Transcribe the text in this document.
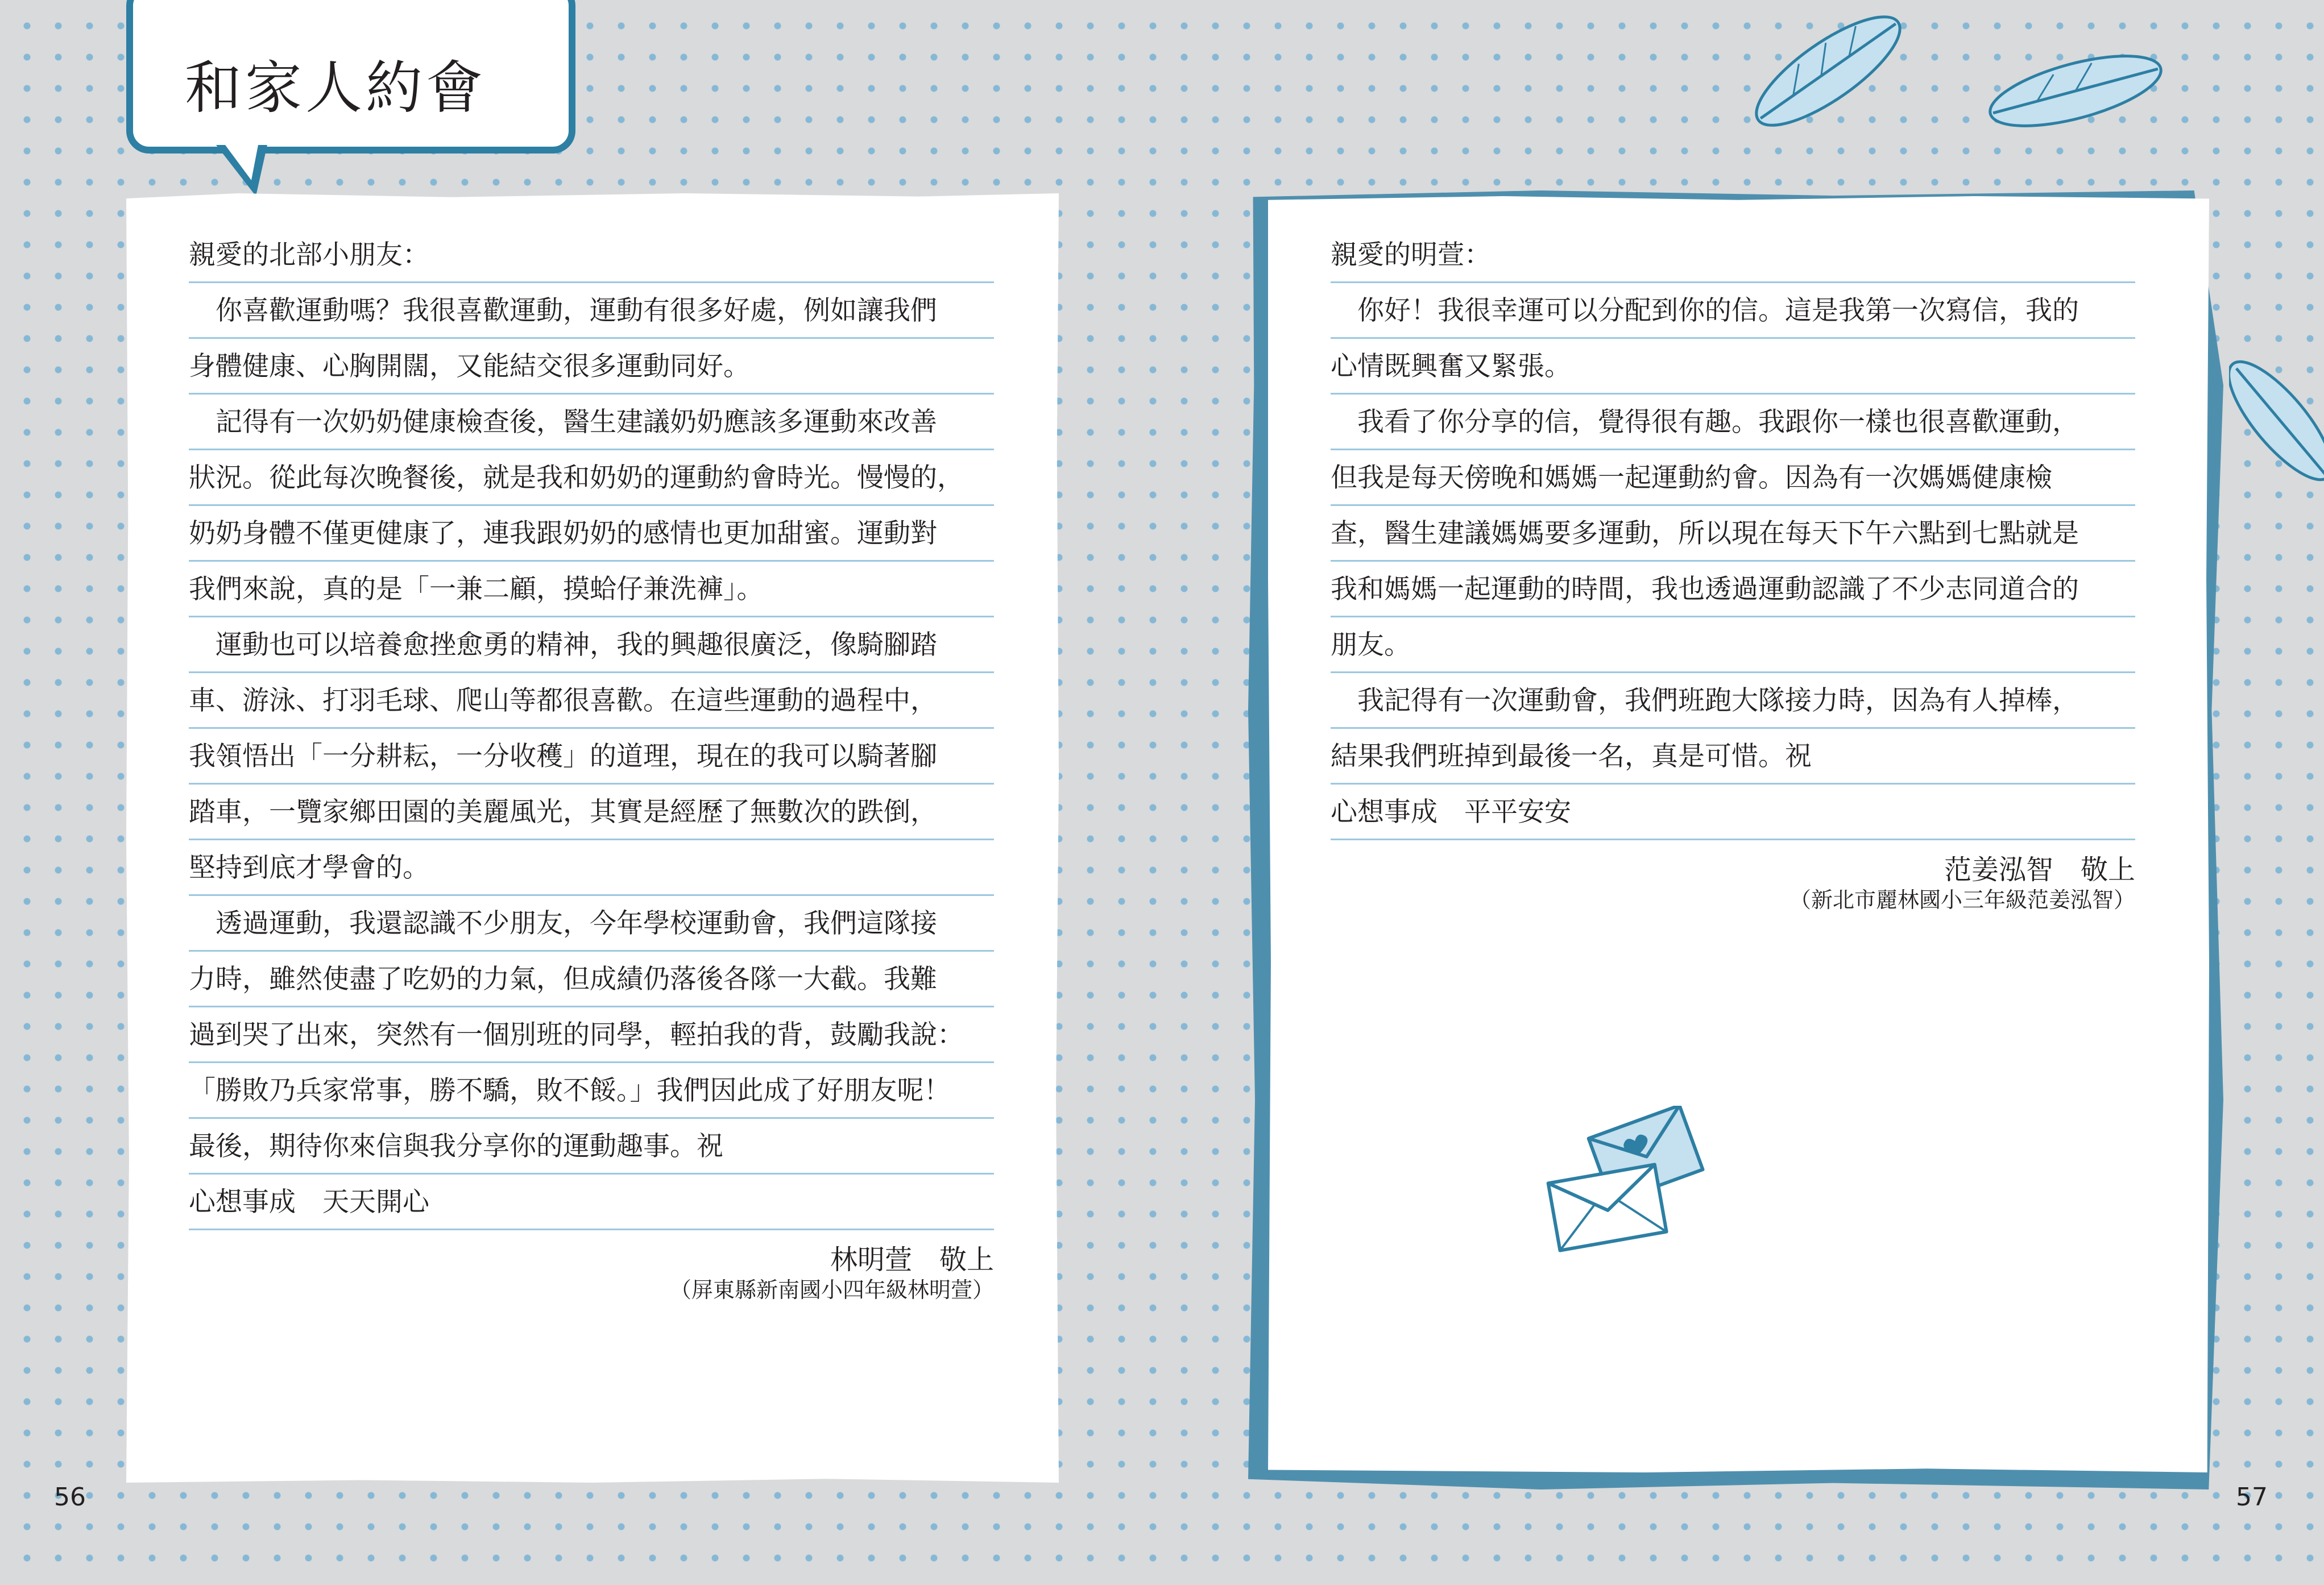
和家人約會
親愛的北部小朋友：
　你喜歡運動嗎？我很喜歡運動，運動有很多好處，例如讓我們
身體健康、心胸開闊，又能結交很多運動同好。
　記得有一次奶奶健康檢查後，醫生建議奶奶應該多運動來改善
狀況。從此每次晚餐後，就是我和奶奶的運動約會時光。慢慢的，
奶奶身體不僅更健康了，連我跟奶奶的感情也更加甜蜜。運動對
我們來說，真的是「一兼二顧，摸蛤仔兼洗褲」。
　運動也可以培養愈挫愈勇的精神，我的興趣很廣泛，像騎腳踏
車、游泳、打羽毛球、爬山等都很喜歡。在這些運動的過程中，
我領悟出「一分耕耘，一分收穫」的道理，現在的我可以騎著腳
踏車，一覽家鄉田園的美麗風光，其實是經歷了無數次的跌倒，
堅持到底才學會的。
　透過運動，我還認識不少朋友，今年學校運動會，我們這隊接
力時，雖然使盡了吃奶的力氣，但成績仍落後各隊一大截。我難
過到哭了出來，突然有一個別班的同學，輕拍我的背，鼓勵我說：
「勝敗乃兵家常事，勝不驕，敗不餒。」我們因此成了好朋友呢！
最後，期待你來信與我分享你的運動趣事。祝
心想事成　天天開心
林明萱　敬上
（屏東縣新南國小四年級林明萱）
親愛的明萱：
　你好！我很幸運可以分配到你的信。這是我第一次寫信，我的
心情既興奮又緊張。
　我看了你分享的信，覺得很有趣。我跟你一樣也很喜歡運動，
但我是每天傍晚和媽媽一起運動約會。因為有一次媽媽健康檢
查，醫生建議媽媽要多運動，所以現在每天下午六點到七點就是
我和媽媽一起運動的時間，我也透過運動認識了不少志同道合的
朋友。
　我記得有一次運動會，我們班跑大隊接力時，因為有人掉棒，
結果我們班掉到最後一名，真是可惜。祝
心想事成　平平安安
范姜泓智　敬上
（新北市麗林國小三年級范姜泓智）
56	57
